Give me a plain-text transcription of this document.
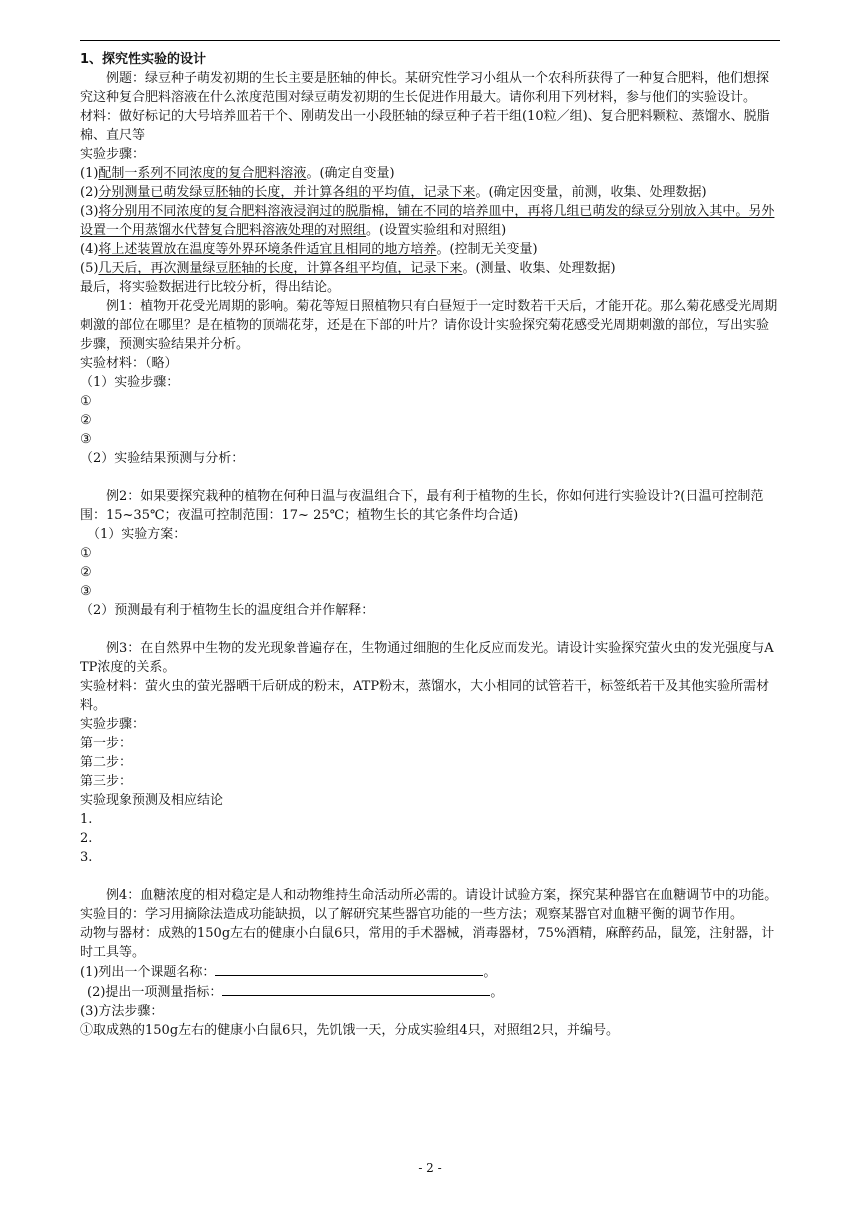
1、探究性实验的设计

例题：绿豆种子萌发初期的生长主要是胚轴的伸长。某研究性学习小组从一个农科所获得了一种复合肥料，他们想探究这种复合肥料溶液在什么浓度范围对绿豆萌发初期的生长促进作用最大。请你利用下列材料，参与他们的实验设计。

材料：做好标记的大号培养皿若干个、刚萌发出一小段胚轴的绿豆种子若干组(10粒／组)、复合肥料颗粒、蒸馏水、脱脂棉、直尺等

实验步骤：

(1)配制一系列不同浓度的复合肥料溶液。(确定自变量)

(2)分别测量已萌发绿豆胚轴的长度，并计算各组的平均值，记录下来。(确定因变量，前测，收集、处理数据)

(3)将分别用不同浓度的复合肥料溶液浸润过的脱脂棉，铺在不同的培养皿中，再将几组已萌发的绿豆分别放入其中。另外设置一个用蒸馏水代替复合肥料溶液处理的对照组。(设置实验组和对照组)

(4)将上述装置放在温度等外界环境条件适宜且相同的地方培养。(控制无关变量)

(5)几天后，再次测量绿豆胚轴的长度，计算各组平均值，记录下来。(测量、收集、处理数据)

最后，将实验数据进行比较分析，得出结论。

例1：植物开花受光周期的影响。菊花等短日照植物只有白昼短于一定时数若干天后，才能开花。那么菊花感受光周期刺激的部位在哪里？是在植物的顶端花芽，还是在下部的叶片？请你设计实验探究菊花感受光周期刺激的部位，写出实验步骤，预测实验结果并分析。

实验材料：（略）

（1）实验步骤：

①

②

③

（2）实验结果预测与分析：

例2：如果要探究栽种的植物在何种日温与夜温组合下，最有利于植物的生长，你如何进行实验设计?(日温可控制范围：15~35℃；夜温可控制范围：17~ 25℃；植物生长的其它条件均合适)

（1）实验方案：

①

②

③

（2）预测最有利于植物生长的温度组合并作解释：

例3：在自然界中生物的发光现象普遍存在，生物通过细胞的生化反应而发光。请设计实验探究萤火虫的发光强度与ATP浓度的关系。

实验材料：萤火虫的萤光器晒干后研成的粉末，ATP粉末，蒸馏水，大小相同的试管若干，标签纸若干及其他实验所需材料。

实验步骤：

第一步：

第二步：

第三步：

实验现象预测及相应结论

1.

2.

3.

例4：血糖浓度的相对稳定是人和动物维持生命活动所必需的。请设计试验方案，探究某种器官在血糖调节中的功能。

实验目的：学习用摘除法造成功能缺损，以了解研究某些器官功能的一些方法；观察某器官对血糖平衡的调节作用。

动物与器材：成熟的150g左右的健康小白鼠6只，常用的手术器械，消毒器材，75%酒精，麻醉药品，鼠笼，注射器，计时工具等。

(1)列出一个课题名称：	。

(2)提出一项测量指标：	。

(3)方法步骤：

①取成熟的150g左右的健康小白鼠6只，先饥饿一天，分成实验组4只，对照组2只，并编号。

- 2 -
